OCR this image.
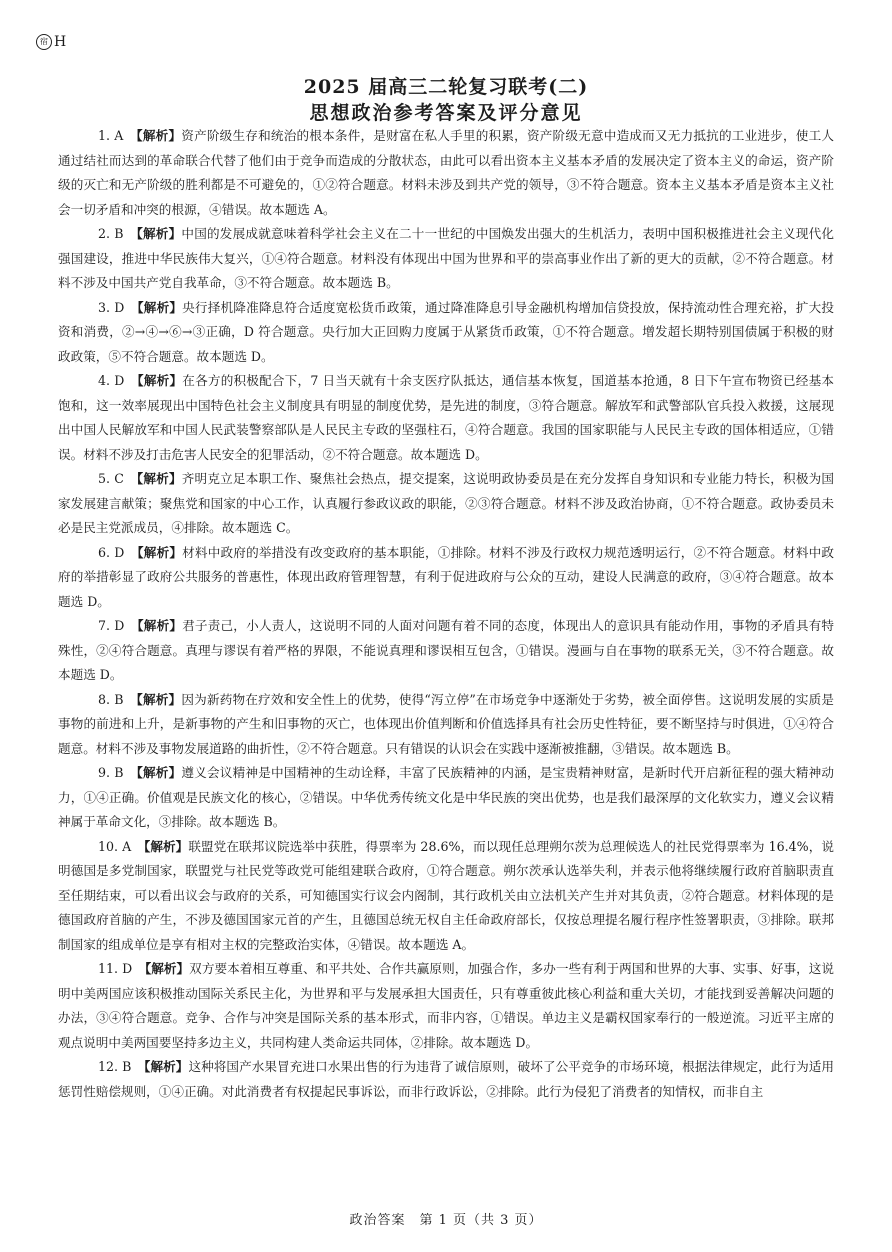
宿 H
2025 届高三二轮复习联考(二)
思想政治参考答案及评分意见

1. A　 【解析】资产阶级生存和统治的根本条件，是财富在私人手里的积累，资产阶级无意中造成而又无力抵抗的工业进步，使工人通过结社而达到的革命联合代替了他们由于竞争而造成的分散状态，由此可以看出资本主义基本矛盾的发展决定了资本主义的命运，资产阶级的灭亡和无产阶级的胜利都是不可避免的，①②符合题意。材料未涉及到共产党的领导，③不符合题意。资本主义基本矛盾是资本主义社会一切矛盾和冲突的根源，④错误。故本题选 A。

2. B　 【解析】中国的发展成就意味着科学社会主义在二十一世纪的中国焕发出强大的生机活力，表明中国积极推进社会主义现代化强国建设，推进中华民族伟大复兴，①④符合题意。材料没有体现出中国为世界和平的崇高事业作出了新的更大的贡献，②不符合题意。材料不涉及中国共产党自我革命，③不符合题意。故本题选 B。

3. D　 【解析】央行择机降准降息符合适度宽松货币政策，通过降准降息引导金融机构增加信贷投放，保持流动性合理充裕，扩大投资和消费，②→④→⑥→③正确，D 符合题意。央行加大正回购力度属于从紧货币政策，①不符合题意。增发超长期特别国债属于积极的财政政策，⑤不符合题意。故本题选 D。

4. D　 【解析】在各方的积极配合下，7 日当天就有十余支医疗队抵达，通信基本恢复，国道基本抢通，8 日下午宣布物资已经基本饱和，这一效率展现出中国特色社会主义制度具有明显的制度优势，是先进的制度，③符合题意。解放军和武警部队官兵投入救援，这展现出中国人民解放军和中国人民武装警察部队是人民民主专政的坚强柱石，④符合题意。我国的国家职能与人民民主专政的国体相适应，①错误。材料不涉及打击危害人民安全的犯罪活动，②不符合题意。故本题选 D。

5. C　 【解析】齐明克立足本职工作、聚焦社会热点，提交提案，这说明政协委员是在充分发挥自身知识和专业能力特长，积极为国家发展建言献策；聚焦党和国家的中心工作，认真履行参政议政的职能，②③符合题意。材料不涉及政治协商，①不符合题意。政协委员未必是民主党派成员，④排除。故本题选 C。

6. D　 【解析】材料中政府的举措没有改变政府的基本职能，①排除。材料不涉及行政权力规范透明运行，②不符合题意。材料中政府的举措彰显了政府公共服务的普惠性，体现出政府管理智慧，有利于促进政府与公众的互动，建设人民满意的政府，③④符合题意。故本题选 D。

7. D　 【解析】君子责己，小人责人，这说明不同的人面对问题有着不同的态度，体现出人的意识具有能动作用，事物的矛盾具有特殊性，②④符合题意。真理与谬误有着严格的界限，不能说真理和谬误相互包含，①错误。漫画与自在事物的联系无关，③不符合题意。故本题选 D。

8. B　 【解析】因为新药物在疗效和安全性上的优势，使得“泻立停”在市场竞争中逐渐处于劣势，被全面停售。这说明发展的实质是事物的前进和上升，是新事物的产生和旧事物的灭亡，也体现出价值判断和价值选择具有社会历史性特征，要不断坚持与时俱进，①④符合题意。材料不涉及事物发展道路的曲折性，②不符合题意。只有错误的认识会在实践中逐渐被推翻，③错误。故本题选 B。

9. B　 【解析】遵义会议精神是中国精神的生动诠释，丰富了民族精神的内涵，是宝贵精神财富，是新时代开启新征程的强大精神动力，①④正确。价值观是民族文化的核心，②错误。中华优秀传统文化是中华民族的突出优势，也是我们最深厚的文化软实力，遵义会议精神属于革命文化，③排除。故本题选 B。

10. A　 【解析】联盟党在联邦议院选举中获胜，得票率为 28.6%，而以现任总理朔尔茨为总理候选人的社民党得票率为 16.4%，说明德国是多党制国家，联盟党与社民党等政党可能组建联合政府，①符合题意。朔尔茨承认选举失利，并表示他将继续履行政府首脑职责直至任期结束，可以看出议会与政府的关系，可知德国实行议会内阁制，其行政机关由立法机关产生并对其负责，②符合题意。材料体现的是德国政府首脑的产生，不涉及德国国家元首的产生，且德国总统无权自主任命政府部长，仅按总理提名履行程序性签署职责，③排除。联邦制国家的组成单位是享有相对主权的完整政治实体，④错误。故本题选 A。

11. D　 【解析】双方要本着相互尊重、和平共处、合作共赢原则，加强合作，多办一些有利于两国和世界的大事、实事、好事，这说明中美两国应该积极推动国际关系民主化，为世界和平与发展承担大国责任，只有尊重彼此核心利益和重大关切，才能找到妥善解决问题的办法，③④符合题意。竞争、合作与冲突是国际关系的基本形式，而非内容，①错误。单边主义是霸权国家奉行的一般逆流。习近平主席的观点说明中美两国要坚持多边主义，共同构建人类命运共同体，②排除。故本题选 D。

12. B　 【解析】这种将国产水果冒充进口水果出售的行为违背了诚信原则，破坏了公平竞争的市场环境，根据法律规定，此行为适用惩罚性赔偿规则，①④正确。对此消费者有权提起民事诉讼，而非行政诉讼，②排除。此行为侵犯了消费者的知情权，而非自主

政治答案　第 1 页（共 3 页）
